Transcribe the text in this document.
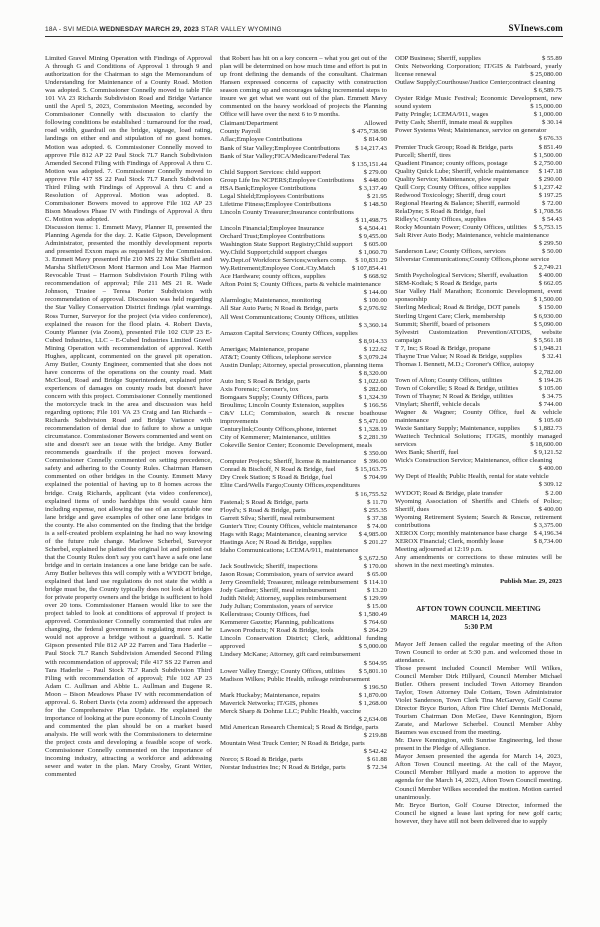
18A - SVI MEDIA WEDNESDAY MARCH 29, 2023 STAR VALLEY WYOMING	SVInews.com

Limited Gravel Mining Operation with Findings of Approval A through G and Conditions of Approval 1 through 9 and authorization for the Chairman to sign the Memorandum of Understanding for Maintenance of a County Road. Motion was adopted. 5. Commissioner Connelly moved to table File 101 VA 23 Richards Subdivision Road and Bridge Variance until the April 5, 2023, Commission Meeting, seconded by Commissioner Connelly with discussion to clarify the following conditions be established : turnaround for the road, road width, guardrail on the bridge, signage, load rating, landings on either end and stipulation of no guest homes. Motion was adopted. 6. Commissioner Connelly moved to approve File 812 AP 22 Paul Stock 7L7 Ranch Subdivision Amended Second Filing with Findings of Approval A thru C. Motion was adopted. 7. Commissioner Connelly moved to approve File 417 SS 22 Paul Stock 7L7 Ranch Subdivision Third Filing with Findings of Approval A thru C and a Resolution of Approval. Motion was adopted. 8. Commissioner Bowers moved to approve File 102 AP 23 Bison Meadows Phase IV with Findings of Approval A thru C. Motion was adopted.

Discussion items: 1. Emmett Mavy, Planner II, presented the Planning Agenda for the day. 2. Katie Gipson, Development Administrator, presented the monthly development reports and presented Exxon maps as requested by the Commission. 3. Emmett Mavy presented File 210 MS 22 Mike Shiflett and Marsha Shiflett/Orson Mont Harmon and Loa Mae Harmon Revocable Trust – Harmon Subdivision Fourth Filing with recommendation of approval; File 211 MS 21 R. Wade Johnson, Trustee – Teresa Porter Subdivision with recommendation of approval. Discussion was held regarding the Star Valley Conservation District findings /plat warnings. Ross Turner, Surveyor for the project (via video conference), explained the reason for the flood plain. 4. Robert Davis, County Planner (via Zoom), presented File 102 CUP 23 E- Cubed Industries, LLC – E-Cubed Industries Limited Gravel Mining Operation with recommendation of approval. Keith Hughes, applicant, commented on the gravel pit operation. Amy Butler, County Engineer, commented that she does not have concerns of the operations on the county road. Matt McCloud, Road and Bridge Superintendent, explained prior experiences of damages on county roads but doesn't have concern with this project. Commissioner Connelly mentioned the motorcycle track in the area and discussion was held regarding options; File 101 VA 23 Craig and Ian Richards – Richards Subdivision Road and Bridge Variance with recommendation of denial due to failure to show a unique circumstance. Commissioner Bowers commented and went on site and doesn't see an issue with the bridge. Amy Butler recommends guardrails if the project moves forward. Commissioner Connelly commented on setting precedence, safety and adhering to the County Rules. Chairman Hansen commented on other bridges in the County. Emmett Mavy explained the potential of having up to 8 homes across the bridge. Craig Richards, applicant (via video conference), explained items of undo hardships this would cause him including expense, not allowing the use of an acceptable one lane bridge and gave examples of other one lane bridges in the county. He also commented on the finding that the bridge is a self-created problem explaining he had no way knowing of the future rule change. Marlowe Scherbel, Surveyor Scherbel, explained he platted the original lot and pointed out that the County Rules don't say you can't have a safe one lane bridge and in certain instances a one lane bridge can be safe. Amy Butler believes this will comply with a WYDOT bridge, explained that land use regulations do not state the width a bridge must be, the County typically does not look at bridges for private property owners and the bridge is sufficient to hold over 20 tons. Commissioner Hansen would like to see the project tabled to look at conditions of approval if project is approved. Commissioner Connelly commented that rules are changing, the federal government is regulating more and he would not approve a bridge without a guardrail. 5. Katie Gipson presented File 812 AP 22 Farren and Tara Haderlie – Paul Stock 7L7 Ranch Subdivision Amended Second Filing with recommendation of approval; File 417 SS 22 Farren and Tara Haderlie – Paul Stock 7L7 Ranch Subdivision Third Filing with recommendation of approval; File 102 AP 23 Adam C. Aullman and Abbie L. Aullman and Eugene R. Moon – Bison Meadows Phase IV with recommendation of approval. 6. Robert Davis (via zoom) addressed the approach for the Comprehensive Plan Update. He explained the importance of looking at the pure economy of Lincoln County and commented the plan should be on a market based analysis. He will work with the Commissioners to determine the project costs and developing a feasible scope of work. Commissioner Connelly commented on the importance of incoming industry, attracting a workforce and addressing sewer and water in the plan. Mary Crosby, Grant Writer, commented

that Robert has hit on a key concern – what you get out of the plan will be determined on how much time and effort is put in up front defining the demands of the consultant. Chairman Hansen expressed concerns of capacity with construction season coming up and encourages taking incremental steps to insure we get what we want out of the plan. Emmett Mavy commented on the heavy workload of projects the Planning Office will have over the next 6 to 9 months.

Claimant/Department	Allowed
County Payroll	$ 475,738.98
Aflac;Employee Contributions	$ 814.90
Bank of Star Valley;Employee Contributions	$ 14,217.43
Bank of Star Valley;FICA/Medicare/Federal Tax
$ 135,151.44
Child Support Services: child support	$ 279.00
Group Life Ins NCPERS;Employee Contributions	$ 448.00
HSA Bank;Employee Contributions	$ 3,137.49
Legal Shield;Employees Contributions	$ 21.95
Lifetime Fitness;Employee Contributions	$ 148.50
Lincoln County Treasurer;Insurance contributions
$ 11,498.75
Lincoln Financial;Employee Insurance	$ 4,504.41
Orchard Trust;Employee Contributions	$ 9,455.00
Washington State Support Registry;Child support	$ 605.00
Wy.Child Support;child support charges	$ 1,060.70
Wy.Dept.of Workforce Services;workers comp.	$ 10,831.29
Wy.Retirement;Employee Cont./Cty.Match	$ 107,854.41
Ace Hardware; county offices, supplies	$ 668.92
Afton Point S; County Offices, parts & vehicle maintenance
$ 144.00
Alarmlogis; Maintenance, monitoring	$ 100.00
All Star Auto Parts; N Road & Bridge, parts	$ 2,976.92
All West Communications; County Offices, utilities
$ 3,360.14
Amazon Capital Services; County Offices, supplies
$ 8,914.33
Amerigas; Maintenance, propane	$ 122.62
AT&T; County Offices, telephone service	$ 3,079.24
Austin Dunlap; Attorney, special prosecution, planning items
$ 8,320.00
Auto Inn; S Road & Bridge, parts	$ 1,022.60
Axis Forensic; Coroner's, tox	$ 282.00
Bomgaars Supply; County Offices, parts	$ 1,324.39
Broulims; Lincoln County Extension, supplies	$ 166.56
C&V LLC; Commission, search & rescue boathouse improvements	$ 5,471.00
Centurylink;County Offices,phone, internet	$ 1,328.19
City of Kemmerer; Maintenance, utilities	$ 2,281.39
Cokeville Senior Center; Economic Development, meals
$ 350.00
Computer Projects; Sheriff, license & maintenance	$ 396.00
Conrad & Bischoff, N Road & Bridge, fuel	$ 15,163.75
Dry Creek Station; S Road & Bridge, fuel	$ 704.99
Elite Card/Wells Fargo;County Offices,expenditures
$ 16,755.52
Fastenal; S Road & Bridge, parts	$ 11.70
Floyd's; S Road & Bridge, parts	$ 255.35
Garrett Silva; Sheriff, meal reimbursement	$ 37.38
Gunter's Tire; County Offices, vehicle maintenance	$ 74.00
Hags with Rags; Maintenance, cleaning service	$ 4,985.00
Hastings Ace; N Road & Bridge, supplies	$ 201.27
Idaho Communications; LCEMA/911, maintenance
$ 3,672.50
Jack Southwick; Sheriff, inspections	$ 170.00
Jason Rosas; Commission, years of service award	$ 65.00
Jerry Greenfield; Treasurer, mileage reimbursement $ 114.10
Jody Gardner; Sheriff, meal reimbursement	$ 13.20
Judith Nield; Attorney, supplies reimbursement	$ 129.99
Judy Julian; Commission, years of service	$ 15.00
Kellerstrass; County Offices, fuel	$ 1,580.49
Kemmerer Gazette; Planning, publications	$ 764.60
Lawson Products; N Road & Bridge, tools	$ 264.29
Lincoln Conservation District; Clerk, additional funding approved	$ 5,000.00
Lindsey McKane; Attorney, gift card reimbursement
$ 504.95
Lower Valley Energy; County Offices, utilities	$ 5,801.10
Madison Wilkes; Public Health, mileage reimbursement
$ 196.50
Mark Huckaby; Maintenance, repairs	$ 1,870.00
Maverick Networks; IT/GIS, phones	$ 1,268.00
Merck Sharp & Dohme LLC; Public Health, vaccine
$ 2,634.08
Mid American Research Chemical; S Road & Bridge, parts
$ 219.88
Mountain West Truck Center; N Road & Bridge, parts
$ 542.42
Norco; S Road & Bridge, parts	$ 61.88
Norstar Industries Inc; N Road & Bridge, parts	$ 72.34
ODP Business; Sheriff, supplies	$ 55.89
Onix Networking Corporation; IT/GIS & Fairboard, yearly license renewal	$ 25,080.00
Outlaw Supply;Courthouse/Justice Center;contract cleaning
$ 6,589.75
Oyster Ridge Music Festival; Economic Development, new sound system	$ 15,000.00
Patty Pringle; LCEMA/911, wages	$ 1,000.00
Petty Cash; Sheriff, inmate meal & supplies	$ 30.14
Power Systems West; Maintenance, service on generator
$ 676.33
Premier Truck Group; Road & Bridge, parts	$ 851.49
Purcell; Sheriff, tires	$ 1,500.00
Quadient Finance; county offices, postage	$ 2,750.00
Quality Quick Lube; Sheriff, vehicle maintenance	$ 147.18
Quality Service; Maintenance, plow repair	$ 290.00
Quill Corp; County Offices, office supplies	$ 1,237.42
Redwood Toxicology; Sheriff, drug court	$ 197.25
Regional Hearing & Balance; Sheriff, earmold	$ 72.00
RelaDyne; S Road & Bridge, fuel	$ 1,708.56
Ridley's; County Offices, supplies	$ 54.43
Rocky Mountain Power; County Offices, utilities	$ 5,753.15
Salt River Auto Body; Maintenance, vehicle maintenance
$ 299.50
Sanderson Law; County Offices, services	$ 50.00
Silverstar Communications;County Offices,phone service
$ 2,749.21
Smith Psychological Services; Sheriff, evaluation	$ 400.00
SRM-Kodiak; S Road & Bridge, parts	$ 662.05
Star Valley Half Marathon; Economic Development, event sponsorship	$ 1,500.00
Sterling Medical; Road & Bridge, DOT panels	$ 150.00
Sterling Urgent Care; Clerk, membership	$ 6,930.00
Summit; Sheriff, board of prisoners	$ 5,090.00
Sylvestri Customization Prevention/ATODS, website campaign	$ 5,561.18
T 7, Inc; S Road & Bridge, propane	$ 1,948.21
Thayne True Value; N Road & Bridge, supplies	$ 32.41
Thomas I. Bennett, M.D.; Coroner's Office, autopsy
$ 2,782.00
Town of Afton; County Offices, utilities	$ 194.26
Town of Cokeville; S Road & Bridge, utilities	$ 105.00
Town of Thayne; N Road & Bridge, utilities	$ 34.75
Vinylart; Sheriff, vehicle decals	$ 744.00
Wagner & Wagner; County Office, fuel & vehicle maintenance	$ 105.60
Waxie Sanitary Supply; Maintenance, supplies	$ 1,882.73
Wazitech Technical Solutions; IT/GIS, monthly managed services	$ 18,600.00
Wex Bank; Sheriff, fuel	$ 9,121.52
Wick's Construction Service; Maintenance, office cleaning
$ 400.00
Wy Dept of Health; Public Health, rental for state vehicle
$ 309.12
WYDOT; Road & Bridge, plate transfer	$ 2.00
Wyoming Association of Sheriffs and Chiefs of Police; Sheriff, dues	$ 400.00
Wyoming Retirement System; Search & Rescue, retirement contributions	$ 3,375.00
XEROX Corp; monthly maintenance base charge $ 4,196.34
XEROX Financial; Clerk, monthly lease	$ 8,734.00

Meeting adjourned at 12:19 p.m.

Any amendments or corrections to these minutes will be shown in the next meeting's minutes.

Publish Mar. 29, 2023

AFTON TOWN COUNCIL MEETING
MARCH 14, 2023
5:30 P.M

Mayor Jeff Jensen called the regular meeting of the Afton Town Council to order at 5:30 p.m. and welcomed those in attendance.

Those present included Council Member Will Wilkes, Council Member Dirk Hillyard, Council Member Michael Butler. Others present included Town Attorney Brandon Taylor, Town Attorney Dale Cottam, Town Administrator Violet Sanderson, Town Clerk Tina McGarvey, Golf Course Director Bryce Burton, Afton Fire Chief Dennis McDonald, Tourism Chairman Don McGee, Dave Kennington, Bjorn Zarate, and Marlowe Scherbel. Council Member Abby Baumes was excused from the meeting.

Mr. Dave Kennington, with Sunrise Engineering, led those present in the Pledge of Allegiance.

Mayor Jensen presented the agenda for March 14, 2023, Afton Town Council meeting. At the call of the Mayor, Council Member Hillyard made a motion to approve the agenda for the March 14, 2023, Afton Town Council meeting. Council Member Wilkes seconded the motion. Motion carried unanimously.

Mr. Bryce Burton, Golf Course Director, informed the Council he signed a lease last spring for new golf carts; however, they have still not been delivered due to supply
